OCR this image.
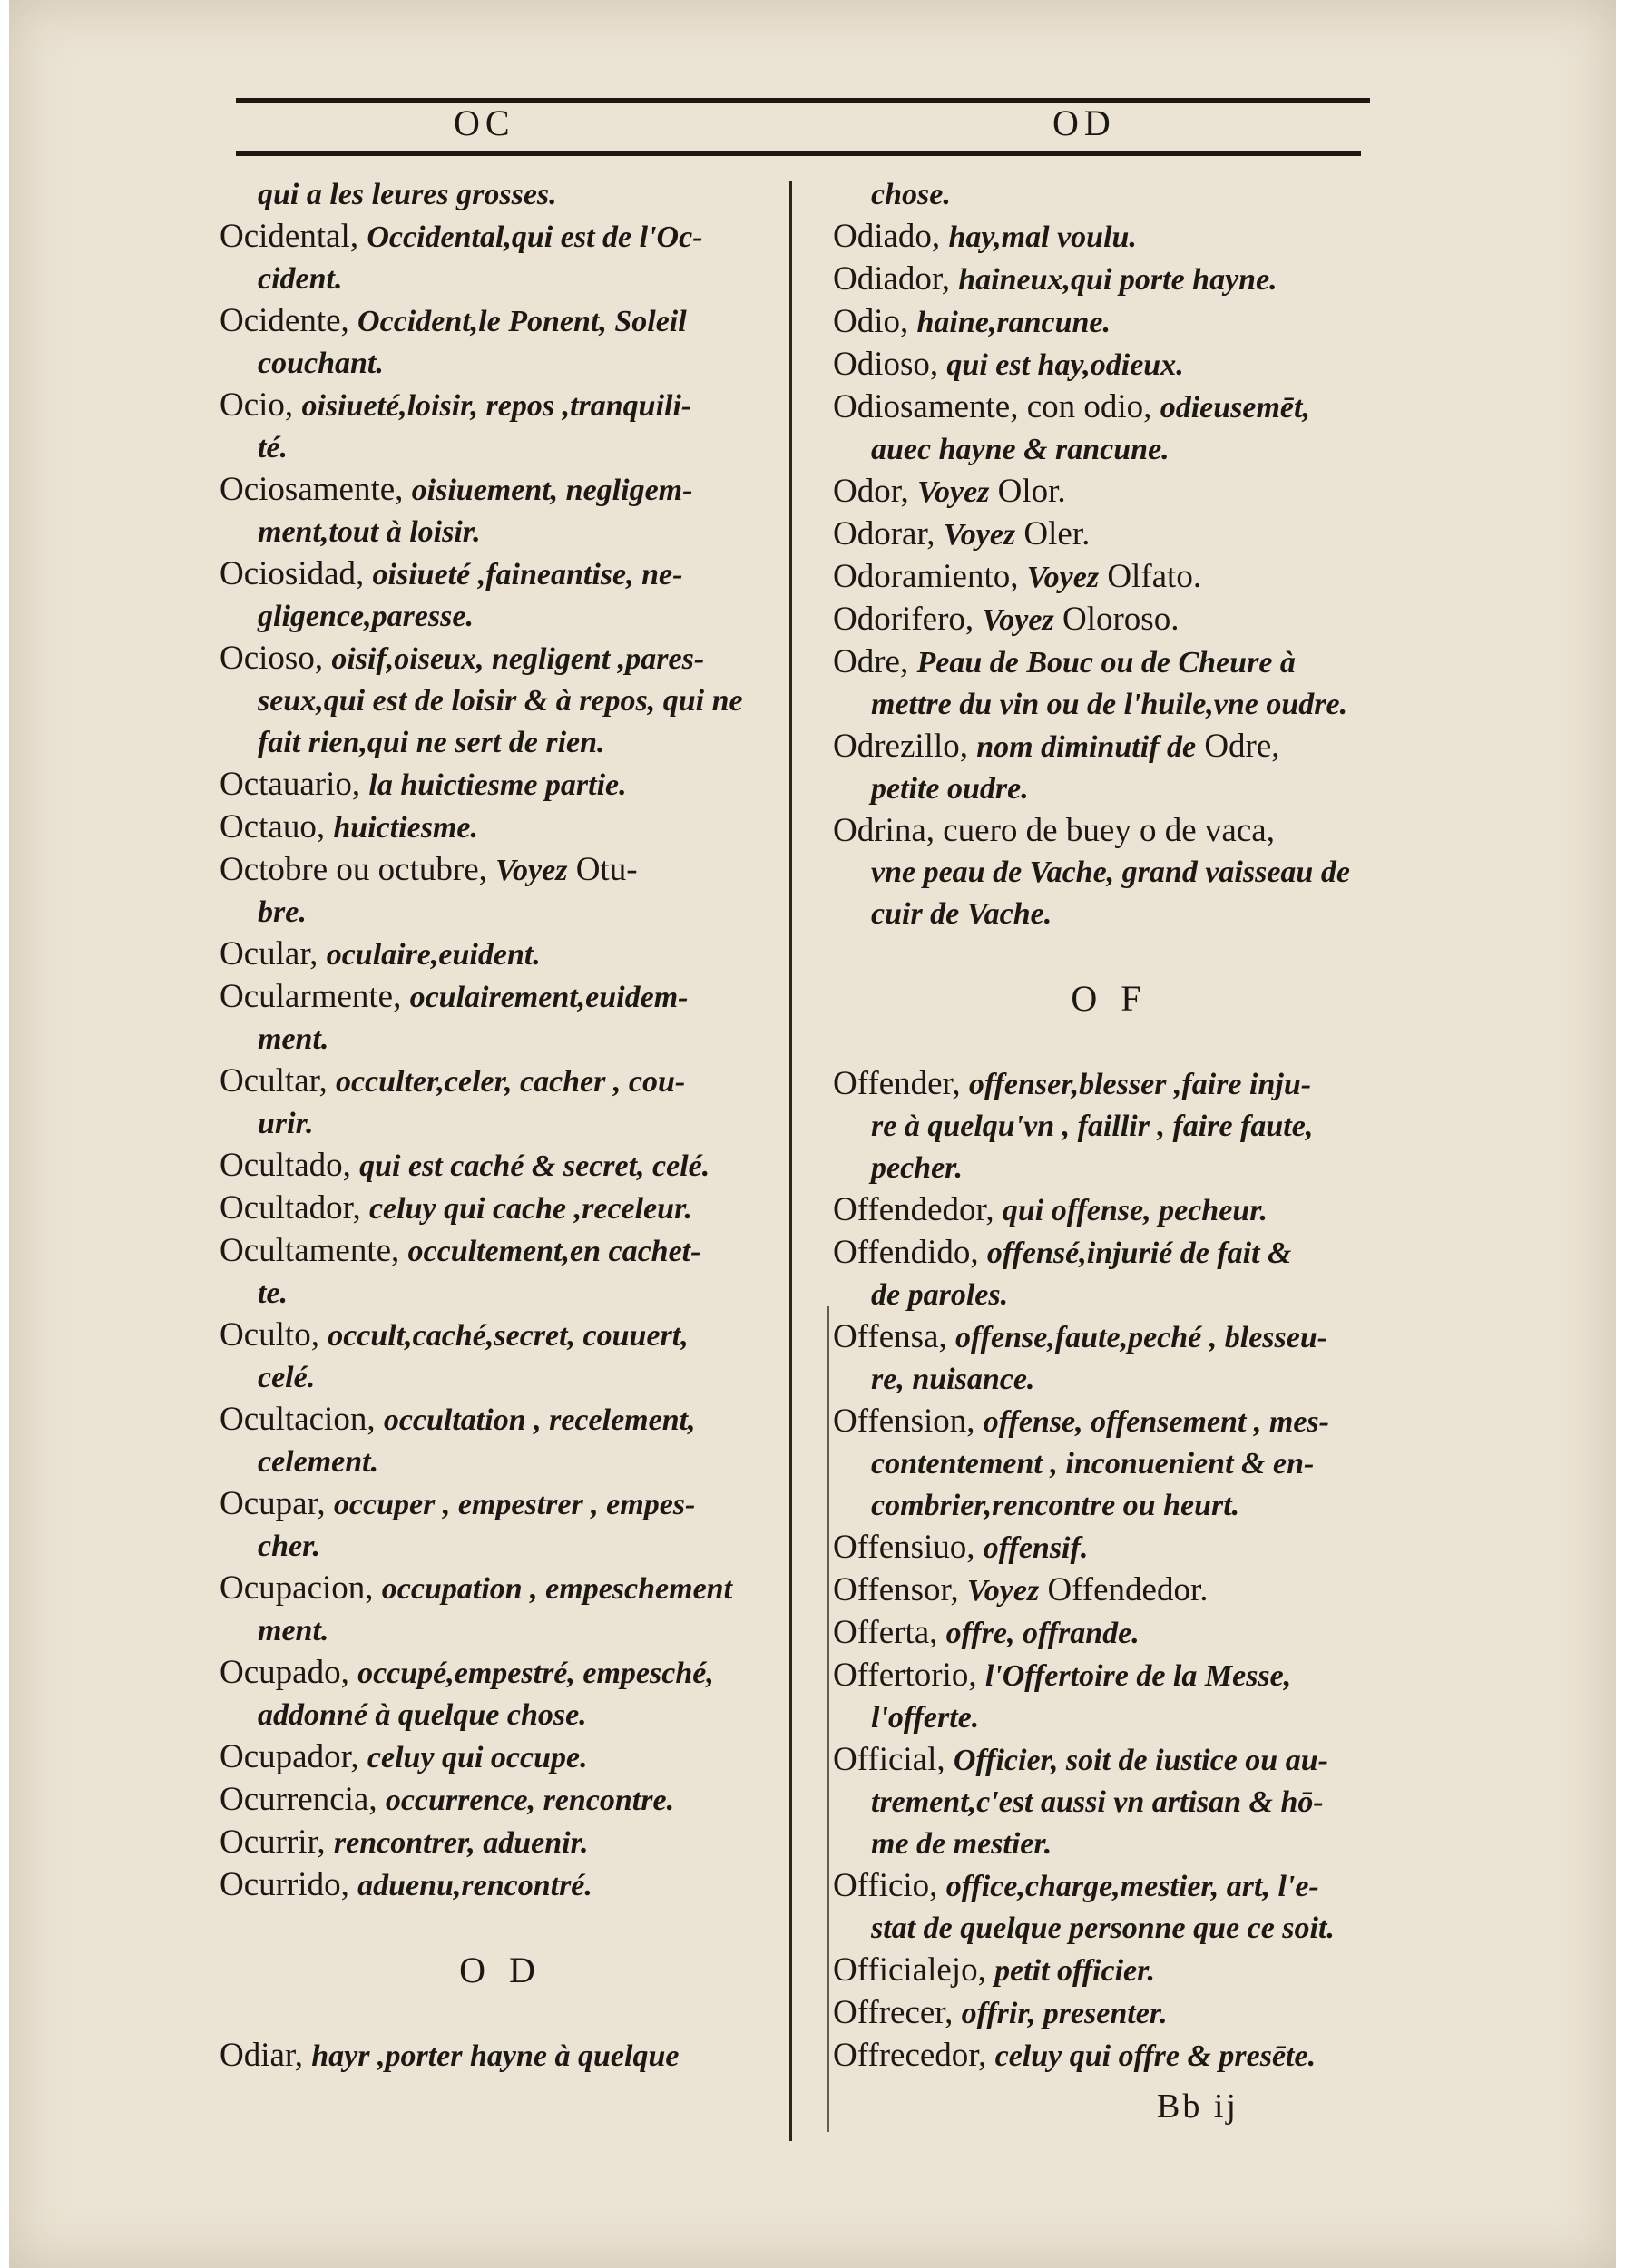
OC	OD
qui a les leures grosses.
Ocidental, Occidental,qui est de l'Oc-
cident.
Ocidente, Occident,le Ponent, Soleil
couchant.
Ocio, oisiueté,loisir, repos ,tranquili-
té.
Ociosamente, oisiuement, negligem-
ment,tout à loisir.
Ociosidad, oisiueté ,faineantise, ne-
gligence,paresse.
Ocioso, oisif,oiseux, negligent ,pares-
seux,qui est de loisir & à repos, qui ne
fait rien,qui ne sert de rien.
Octauario, la huictiesme partie.
Octauo, huictiesme.
Octobre ou octubre, Voyez Otu-
bre.
Ocular, oculaire,euident.
Ocularmente, oculairement,euidem-
ment.
Ocultar, occulter,celer, cacher , cou-
urir.
Ocultado, qui est caché & secret, celé.
Ocultador, celuy qui cache ,receleur.
Ocultamente, occultement,en cachet-
te.
Oculto, occult,caché,secret, couuert,
celé.
Ocultacion, occultation , recelement,
celement.
Ocupar, occuper , empestrer , empes-
cher.
Ocupacion, occupation , empeschement
ment.
Ocupado, occupé,empestré, empesché,
addonné à quelque chose.
Ocupador, celuy qui occupe.
Ocurrencia, occurrence, rencontre.
Ocurrir, rencontrer, aduenir.
Ocurrido, aduenu,rencontré.
O D
Odiar, hayr ,porter hayne à quelque
chose.
Odiado, hay,mal voulu.
Odiador, haineux,qui porte hayne.
Odio, haine,rancune.
Odioso, qui est hay,odieux.
Odiosamente, con odio, odieusemēt,
auec hayne & rancune.
Odor, Voyez Olor.
Odorar, Voyez Oler.
Odoramiento, Voyez Olfato.
Odorifero, Voyez Oloroso.
Odre, Peau de Bouc ou de Cheure à
mettre du vin ou de l'huile,vne oudre.
Odrezillo, nom diminutif de Odre,
petite oudre.
Odrina, cuero de buey o de vaca,
vne peau de Vache, grand vaisseau de
cuir de Vache.
O F
Offender, offenser,blesser ,faire inju-
re à quelqu'vn , faillir , faire faute,
pecher.
Offendedor, qui offense, pecheur.
Offendido, offensé,injurié de fait &
de paroles.
Offensa, offense,faute,peché , blesseu-
re, nuisance.
Offension, offense, offensement , mes-
contentement , inconuenient & en-
combrier,rencontre ou heurt.
Offensiuo, offensif.
Offensor, Voyez Offendedor.
Offerta, offre, offrande.
Offertorio, l'Offertoire de la Messe,
l'offerte.
Official, Officier, soit de iustice ou au-
trement,c'est aussi vn artisan & hō-
me de mestier.
Officio, office,charge,mestier, art, l'e-
stat de quelque personne que ce soit.
Officialejo, petit officier.
Offrecer, offrir, presenter.
Offrecedor, celuy qui offre & presēte.
Bb ij
